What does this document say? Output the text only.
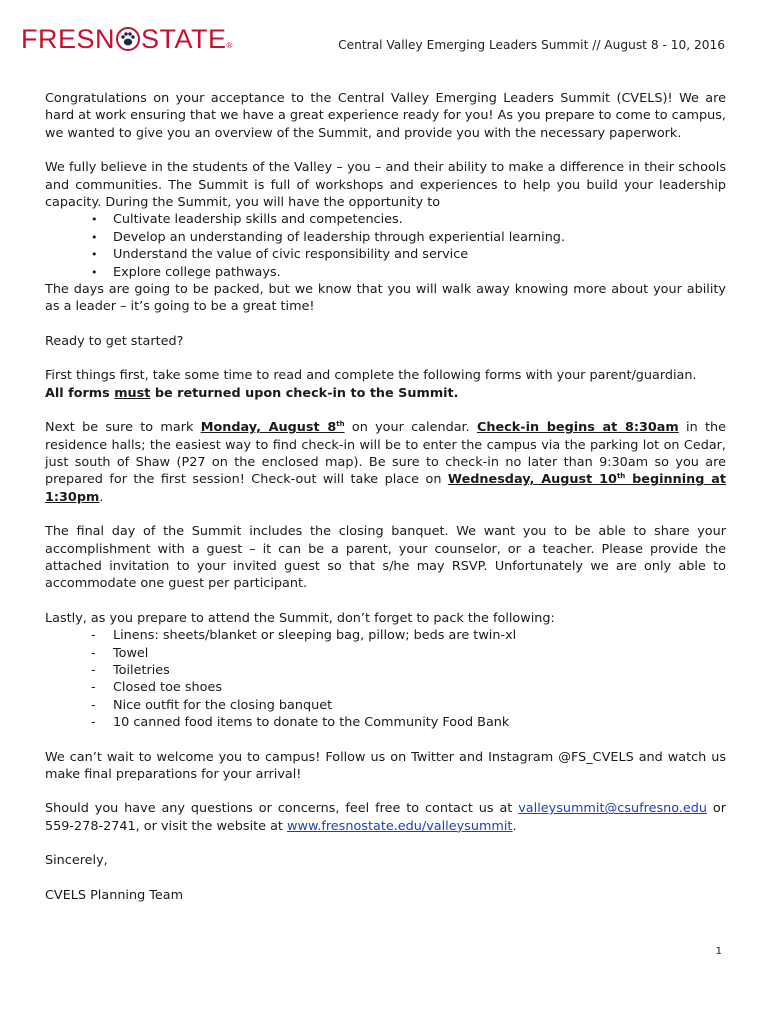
FRESN STATE®	Central Valley Emerging Leaders Summit // August 8 - 10, 2016

Congratulations on your acceptance to the Central Valley Emerging Leaders Summit (CVELS)! We are hard at work ensuring that we have a great experience ready for you! As you prepare to come to campus, we wanted to give you an overview of the Summit, and provide you with the necessary paperwork.

We fully believe in the students of the Valley – you – and their ability to make a difference in their schools and communities. The Summit is full of workshops and experiences to help you build your leadership capacity. During the Summit, you will have the opportunity to

• Cultivate leadership skills and competencies.
• Develop an understanding of leadership through experiential learning.
• Understand the value of civic responsibility and service
• Explore college pathways.

The days are going to be packed, but we know that you will walk away knowing more about your ability as a leader – it’s going to be a great time!

Ready to get started?

First things first, take some time to read and complete the following forms with your parent/guardian.
All forms must be returned upon check-in to the Summit.

Next be sure to mark Monday, August 8th on your calendar. Check-in begins at 8:30am in the residence halls; the easiest way to find check-in will be to enter the campus via the parking lot on Cedar, just south of Shaw (P27 on the enclosed map). Be sure to check-in no later than 9:30am so you are prepared for the first session! Check-out will take place on Wednesday, August 10th beginning at 1:30pm.

The final day of the Summit includes the closing banquet. We want you to be able to share your accomplishment with a guest – it can be a parent, your counselor, or a teacher. Please provide the attached invitation to your invited guest so that s/he may RSVP. Unfortunately we are only able to accommodate one guest per participant.

Lastly, as you prepare to attend the Summit, don’t forget to pack the following:

- Linens: sheets/blanket or sleeping bag, pillow; beds are twin-xl
- Towel
- Toiletries
- Closed toe shoes
- Nice outfit for the closing banquet
- 10 canned food items to donate to the Community Food Bank

We can’t wait to welcome you to campus! Follow us on Twitter and Instagram @FS_CVELS and watch us make final preparations for your arrival!

Should you have any questions or concerns, feel free to contact us at valleysummit@csufresno.edu or 559-278-2741, or visit the website at www.fresnostate.edu/valleysummit.

Sincerely,

CVELS Planning Team

1
